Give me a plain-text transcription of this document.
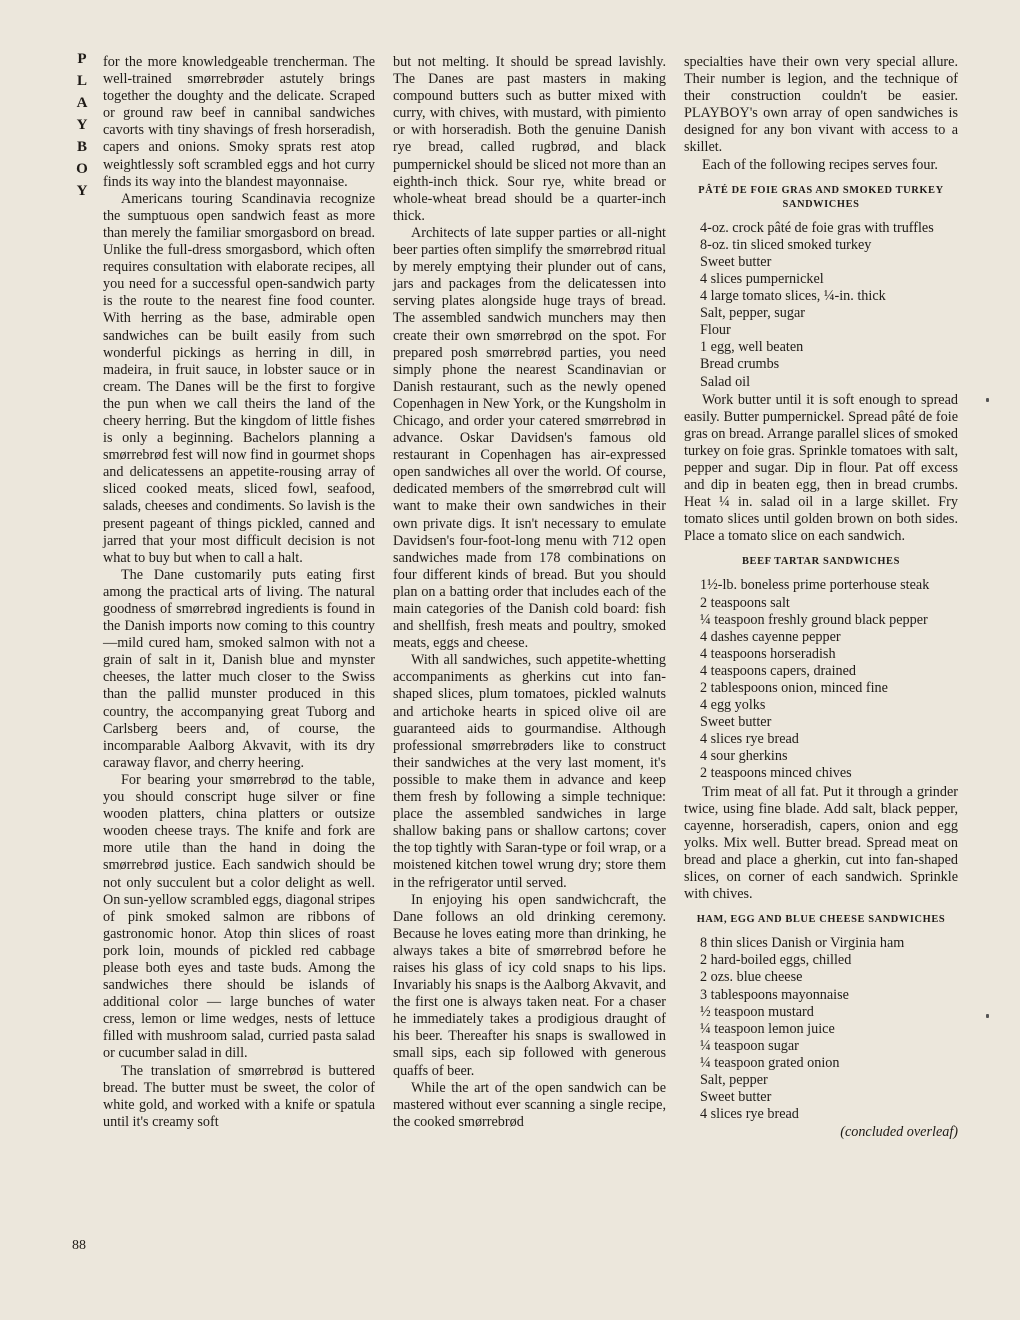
P
L
A
Y
B
O
Y
88

for the more knowledgeable trencherman. The well-trained smørrebrøder astutely brings together the doughty and the delicate. Scraped or ground raw beef in cannibal sandwiches cavorts with tiny shavings of fresh horseradish, capers and onions. Smoky sprats rest atop weightlessly soft scrambled eggs and hot curry finds its way into the blandest mayonnaise.

Americans touring Scandinavia recognize the sumptuous open sandwich feast as more than merely the familiar smorgasbord on bread. Unlike the full-dress smorgasbord, which often requires consultation with elaborate recipes, all you need for a successful open-sandwich party is the route to the nearest fine food counter. With herring as the base, admirable open sandwiches can be built easily from such wonderful pickings as herring in dill, in madeira, in fruit sauce, in lobster sauce or in cream. The Danes will be the first to forgive the pun when we call theirs the land of the cheery herring. But the kingdom of little fishes is only a beginning. Bachelors planning a smørrebrød fest will now find in gourmet shops and delicatessens an appetite-rousing array of sliced cooked meats, sliced fowl, seafood, salads, cheeses and condiments. So lavish is the present pageant of things pickled, canned and jarred that your most difficult decision is not what to buy but when to call a halt.

The Dane customarily puts eating first among the practical arts of living. The natural goodness of smørrebrød ingredients is found in the Danish imports now coming to this country—mild cured ham, smoked salmon with not a grain of salt in it, Danish blue and mynster cheeses, the latter much closer to the Swiss than the pallid munster produced in this country, the accompanying great Tuborg and Carlsberg beers and, of course, the incomparable Aalborg Akvavit, with its dry caraway flavor, and cherry heering.

For bearing your smørrebrød to the table, you should conscript huge silver or fine wooden platters, china platters or outsize wooden cheese trays. The knife and fork are more utile than the hand in doing the smørrebrød justice. Each sandwich should be not only succulent but a color delight as well. On sun-yellow scrambled eggs, diagonal stripes of pink smoked salmon are ribbons of gastronomic honor. Atop thin slices of roast pork loin, mounds of pickled red cabbage please both eyes and taste buds. Among the sandwiches there should be islands of additional color — large bunches of water cress, lemon or lime wedges, nests of lettuce filled with mushroom salad, curried pasta salad or cucumber salad in dill.

The translation of smørrebrød is buttered bread. The butter must be sweet, the color of white gold, and worked with a knife or spatula until it's creamy soft

but not melting. It should be spread lavishly. The Danes are past masters in making compound butters such as butter mixed with curry, with chives, with mustard, with pimiento or with horseradish. Both the genuine Danish rye bread, called rugbrød, and black pumpernickel should be sliced not more than an eighth-inch thick. Sour rye, white bread or whole-wheat bread should be a quarter-inch thick.

Architects of late supper parties or all-night beer parties often simplify the smørrebrød ritual by merely emptying their plunder out of cans, jars and packages from the delicatessen into serving plates alongside huge trays of bread. The assembled sandwich munchers may then create their own smørrebrød on the spot. For prepared posh smørrebrød parties, you need simply phone the nearest Scandinavian or Danish restaurant, such as the newly opened Copenhagen in New York, or the Kungsholm in Chicago, and order your catered smørrebrød in advance. Oskar Davidsen's famous old restaurant in Copenhagen has air-expressed open sandwiches all over the world. Of course, dedicated members of the smørrebrød cult will want to make their own sandwiches in their own private digs. It isn't necessary to emulate Davidsen's four-foot-long menu with 712 open sandwiches made from 178 combinations on four different kinds of bread. But you should plan on a batting order that includes each of the main categories of the Danish cold board: fish and shellfish, fresh meats and poultry, smoked meats, eggs and cheese.

With all sandwiches, such appetite-whetting accompaniments as gherkins cut into fan-shaped slices, plum tomatoes, pickled walnuts and artichoke hearts in spiced olive oil are guaranteed aids to gourmandise. Although professional smørrebrøders like to construct their sandwiches at the very last moment, it's possible to make them in advance and keep them fresh by following a simple technique: place the assembled sandwiches in large shallow baking pans or shallow cartons; cover the top tightly with Saran-type or foil wrap, or a moistened kitchen towel wrung dry; store them in the refrigerator until served.

In enjoying his open sandwichcraft, the Dane follows an old drinking ceremony. Because he loves eating more than drinking, he always takes a bite of smørrebrød before he raises his glass of icy cold snaps to his lips. Invariably his snaps is the Aalborg Akvavit, and the first one is always taken neat. For a chaser he immediately takes a prodigious draught of his beer. Thereafter his snaps is swallowed in small sips, each sip followed with generous quaffs of beer.

While the art of the open sandwich can be mastered without ever scanning a single recipe, the cooked smørrebrød

specialties have their own very special allure. Their number is legion, and the technique of their construction couldn't be easier. PLAYBOY's own array of open sandwiches is designed for any bon vivant with access to a skillet.

Each of the following recipes serves four.

PÂTÉ DE FOIE GRAS AND SMOKED TURKEY SANDWICHES
4-oz. crock pâté de foie gras with truffles
8-oz. tin sliced smoked turkey
Sweet butter
4 slices pumpernickel
4 large tomato slices, ¼-in. thick
Salt, pepper, sugar
Flour
1 egg, well beaten
Bread crumbs
Salad oil

Work butter until it is soft enough to spread easily. Butter pumpernickel. Spread pâté de foie gras on bread. Arrange parallel slices of smoked turkey on foie gras. Sprinkle tomatoes with salt, pepper and sugar. Dip in flour. Pat off excess and dip in beaten egg, then in bread crumbs. Heat ¼ in. salad oil in a large skillet. Fry tomato slices until golden brown on both sides. Place a tomato slice on each sandwich.

BEEF TARTAR SANDWICHES
1½-lb. boneless prime porterhouse steak
2 teaspoons salt
¼ teaspoon freshly ground black pepper
4 dashes cayenne pepper
4 teaspoons horseradish
4 teaspoons capers, drained
2 tablespoons onion, minced fine
4 egg yolks
Sweet butter
4 slices rye bread
4 sour gherkins
2 teaspoons minced chives

Trim meat of all fat. Put it through a grinder twice, using fine blade. Add salt, black pepper, cayenne, horseradish, capers, onion and egg yolks. Mix well. Butter bread. Spread meat on bread and place a gherkin, cut into fan-shaped slices, on corner of each sandwich. Sprinkle with chives.

HAM, EGG AND BLUE CHEESE SANDWICHES
8 thin slices Danish or Virginia ham
2 hard-boiled eggs, chilled
2 ozs. blue cheese
3 tablespoons mayonnaise
½ teaspoon mustard
¼ teaspoon lemon juice
¼ teaspoon sugar
¼ teaspoon grated onion
Salt, pepper
Sweet butter
4 slices rye bread
(concluded overleaf)
